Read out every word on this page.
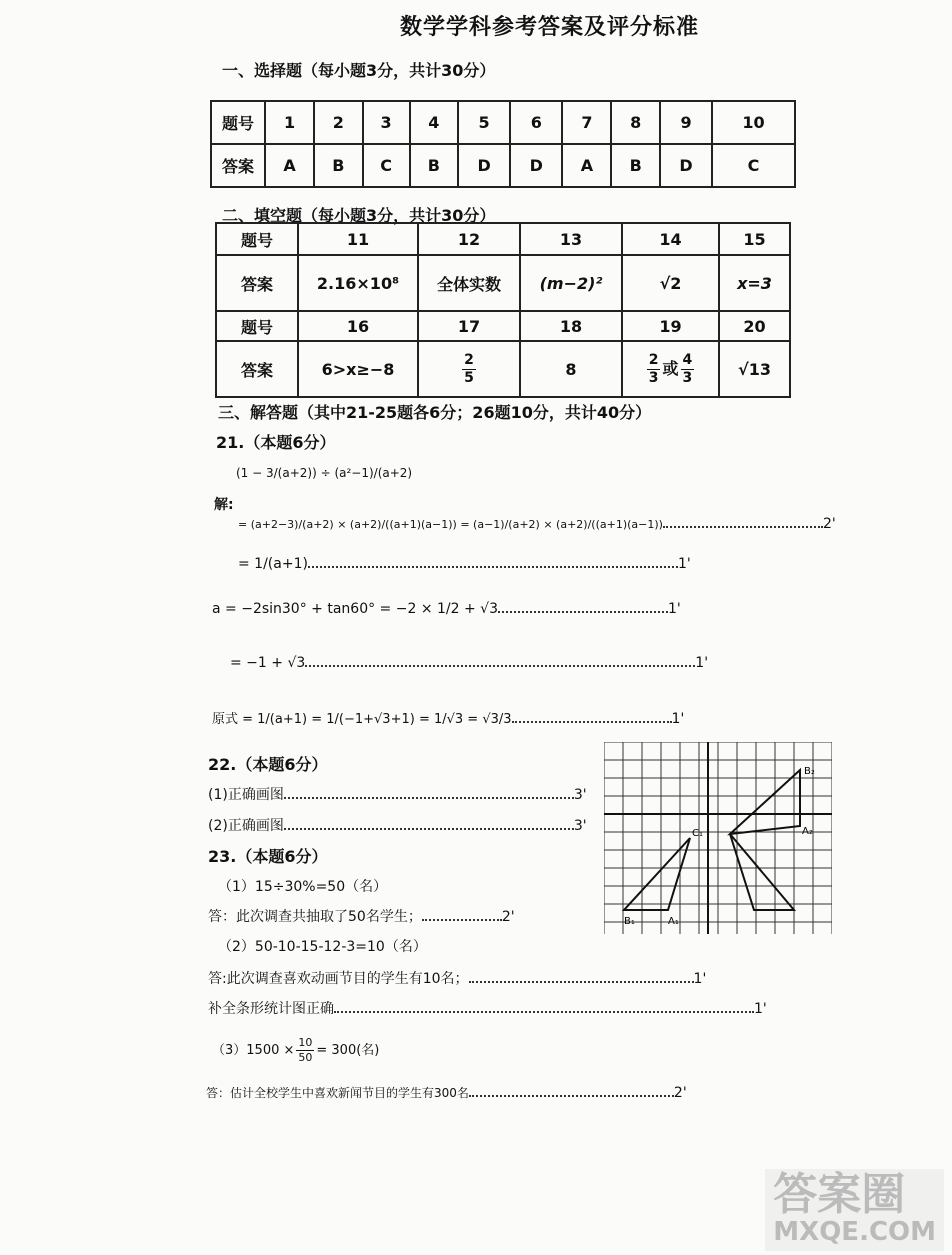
数学学科参考答案及评分标准
一、选择题（每小题3分，共计30分）
题号	1	2	3	4	5	6	7	8	9	10
答案	A	B	C	B	D	D	A	B	D	C
二、填空题（每小题3分，共计30分）
题号	11	12	13	14	15
答案	2.16×10⁸	全体实数	(m−2)²	√2	x=3
题号	16	17	18	19	20
答案	6>x≥−8	$\frac{2}{5}$	8	$\frac{2}{3}$ 或 $\frac{4}{3}$	√13
三、解答题（其中21-25题各6分；26题10分，共计40分）
21.（本题6分）
(1 − 3/(a+2)) ÷ (a²−1)/(a+2)
解:
= (a+2−3)/(a+2) × (a+2)/((a+1)(a−1)) = (a−1)/(a+2) × (a+2)/((a+1)(a−1))	2'
= 1/(a+1)	1'
a = −2sin30° + tan60° = −2 × 1/2 + √3	1'
= −1 + √3	1'
原式 = 1/(a+1) = 1/(−1+√3+1) = 1/√3 = √3/3	1'
22.（本题6分）
(1)正确画图	3'
(2)正确画图	3'
B₂
A₂
C₁
B₁	A₁
23.（本题6分）
（1）15÷30%=50（名）
答：此次调查共抽取了50名学生；	2'
（2）50-10-15-12-3=10（名）
答:此次调查喜欢动画节目的学生有10名；	1'
补全条形统计图正确	1'
$(3)1500 \times \frac{10}{50} = 300$(名)
答：估计全校学生中喜欢新闻节目的学生有300名	2'
答案圈
MXQE.COM
